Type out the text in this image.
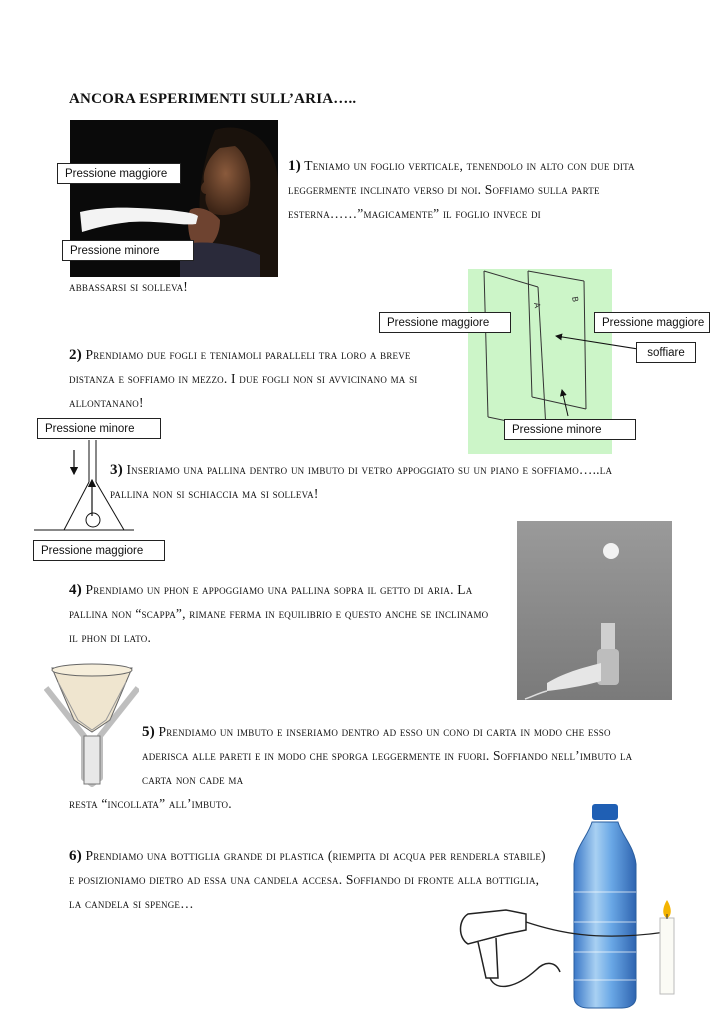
ANCORA ESPERIMENTI SULL’ARIA…..
Pressione maggiore
Pressione minore
1) Teniamo un foglio verticale, tenendolo in alto con due dita leggermente inclinato verso di noi. Soffiamo sulla parte esterna……”magicamente” il foglio invece di
abbassarsi si solleva!
A
B
Pressione maggiore	Pressione maggiore
soffiare
Pressione minore
2) Prendiamo due fogli e teniamoli paralleli tra loro a breve distanza e soffiamo in mezzo. I due fogli non si avvicinano ma si allontanano!
Pressione minore
Pressione maggiore
3) Inseriamo una pallina dentro un imbuto di vetro appoggiato su un piano e soffiamo…..la pallina non si schiaccia ma si solleva!
4) Prendiamo un phon e appoggiamo una pallina sopra il getto di aria. La pallina non “scappa”, rimane ferma in equilibrio e questo anche se inclinamo il phon di lato.
5) Prendiamo un imbuto e inseriamo dentro ad esso un cono di carta in modo che esso aderisca alle pareti e in modo che sporga leggermente in fuori. Soffiando nell’imbuto la carta non cade ma
resta “incollata” all’imbuto.
6) Prendiamo una bottiglia grande di plastica (riempita di acqua per renderla stabile) e posizioniamo dietro ad essa una candela accesa. Soffiando di fronte alla bottiglia, la candela si spenge…
